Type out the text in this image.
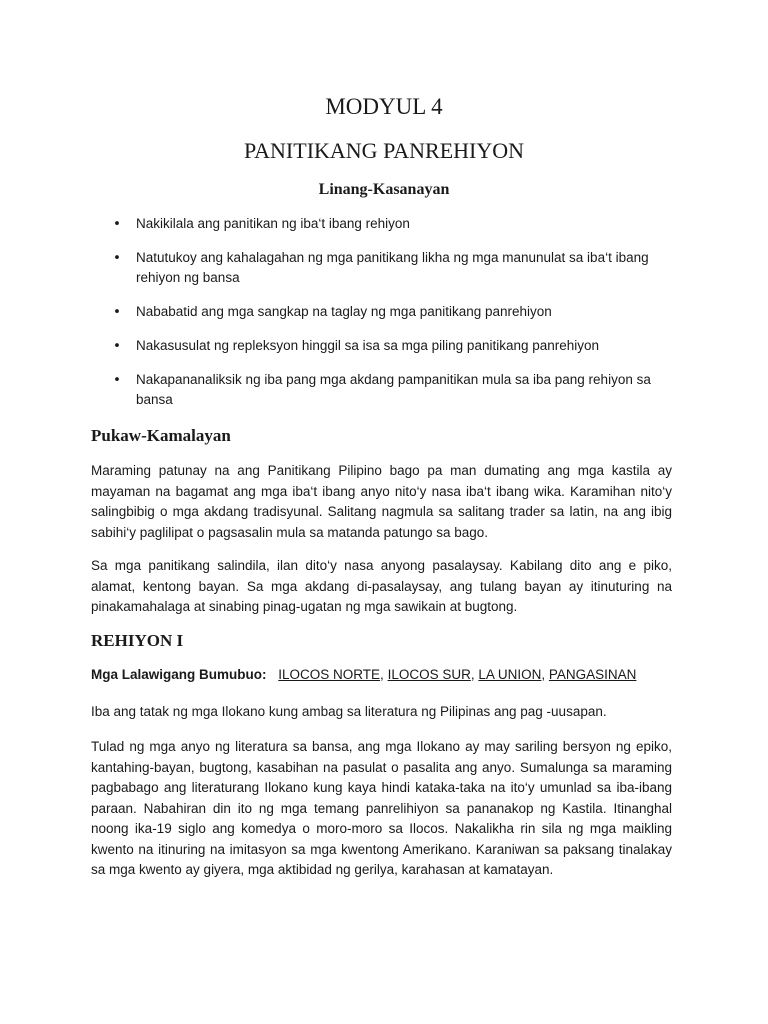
MODYUL 4
PANITIKANG PANREHIYON
Linang-Kasanayan
• Nakikilala ang panitikan ng iba‘t ibang rehiyon
• Natutukoy ang kahalagahan ng mga panitikang likha ng mga manunulat sa iba‘t ibang rehiyon ng bansa
• Nababatid ang mga sangkap na taglay ng mga panitikang panrehiyon
• Nakasusulat ng repleksyon hinggil sa isa sa mga piling panitikang panrehiyon
• Nakapananaliksik ng iba pang mga akdang pampanitikan mula sa iba pang rehiyon sa bansa
Pukaw-Kamalayan

Maraming patunay na ang Panitikang Pilipino bago pa man dumating ang mga kastila ay mayaman na bagamat ang mga iba‘t ibang anyo nito‘y nasa iba‘t ibang wika. Karamihan nito‘y salingbibig o mga akdang tradisyunal. Salitang nagmula sa salitang trader sa latin, na ang ibig sabihi‘y paglilipat o pagsasalin mula sa matanda patungo sa bago.

Sa mga panitikang salindila, ilan dito‘y nasa anyong pasalaysay. Kabilang dito ang e piko, alamat, kentong bayan. Sa mga akdang di-pasalaysay, ang tulang bayan ay itinuturing na pinakamahalaga at sinabing pinag-ugatan ng mga sawikain at bugtong.

REHIYON I

Mga Lalawigang Bumubuo: ILOCOS NORTE, ILOCOS SUR, LA UNION, PANGASINAN

Iba ang tatak ng mga Ilokano kung ambag sa literatura ng Pilipinas ang pag -uusapan.

Tulad ng mga anyo ng literatura sa bansa, ang mga Ilokano ay may sariling bersyon ng epiko, kantahing-bayan, bugtong, kasabihan na pasulat o pasalita ang anyo. Sumalunga sa maraming pagbabago ang literaturang Ilokano kung kaya hindi kataka-taka na ito‘y umunlad sa iba-ibang paraan. Nabahiran din ito ng mga temang panrelihiyon sa pananakop ng Kastila. Itinanghal noong ika-19 siglo ang komedya o moro-moro sa Ilocos. Nakalikha rin sila ng mga maikling kwento na itinuring na imitasyon sa mga kwentong Amerikano. Karaniwan sa paksang tinalakay sa mga kwento ay giyera, mga aktibidad ng gerilya, karahasan at kamatayan.
